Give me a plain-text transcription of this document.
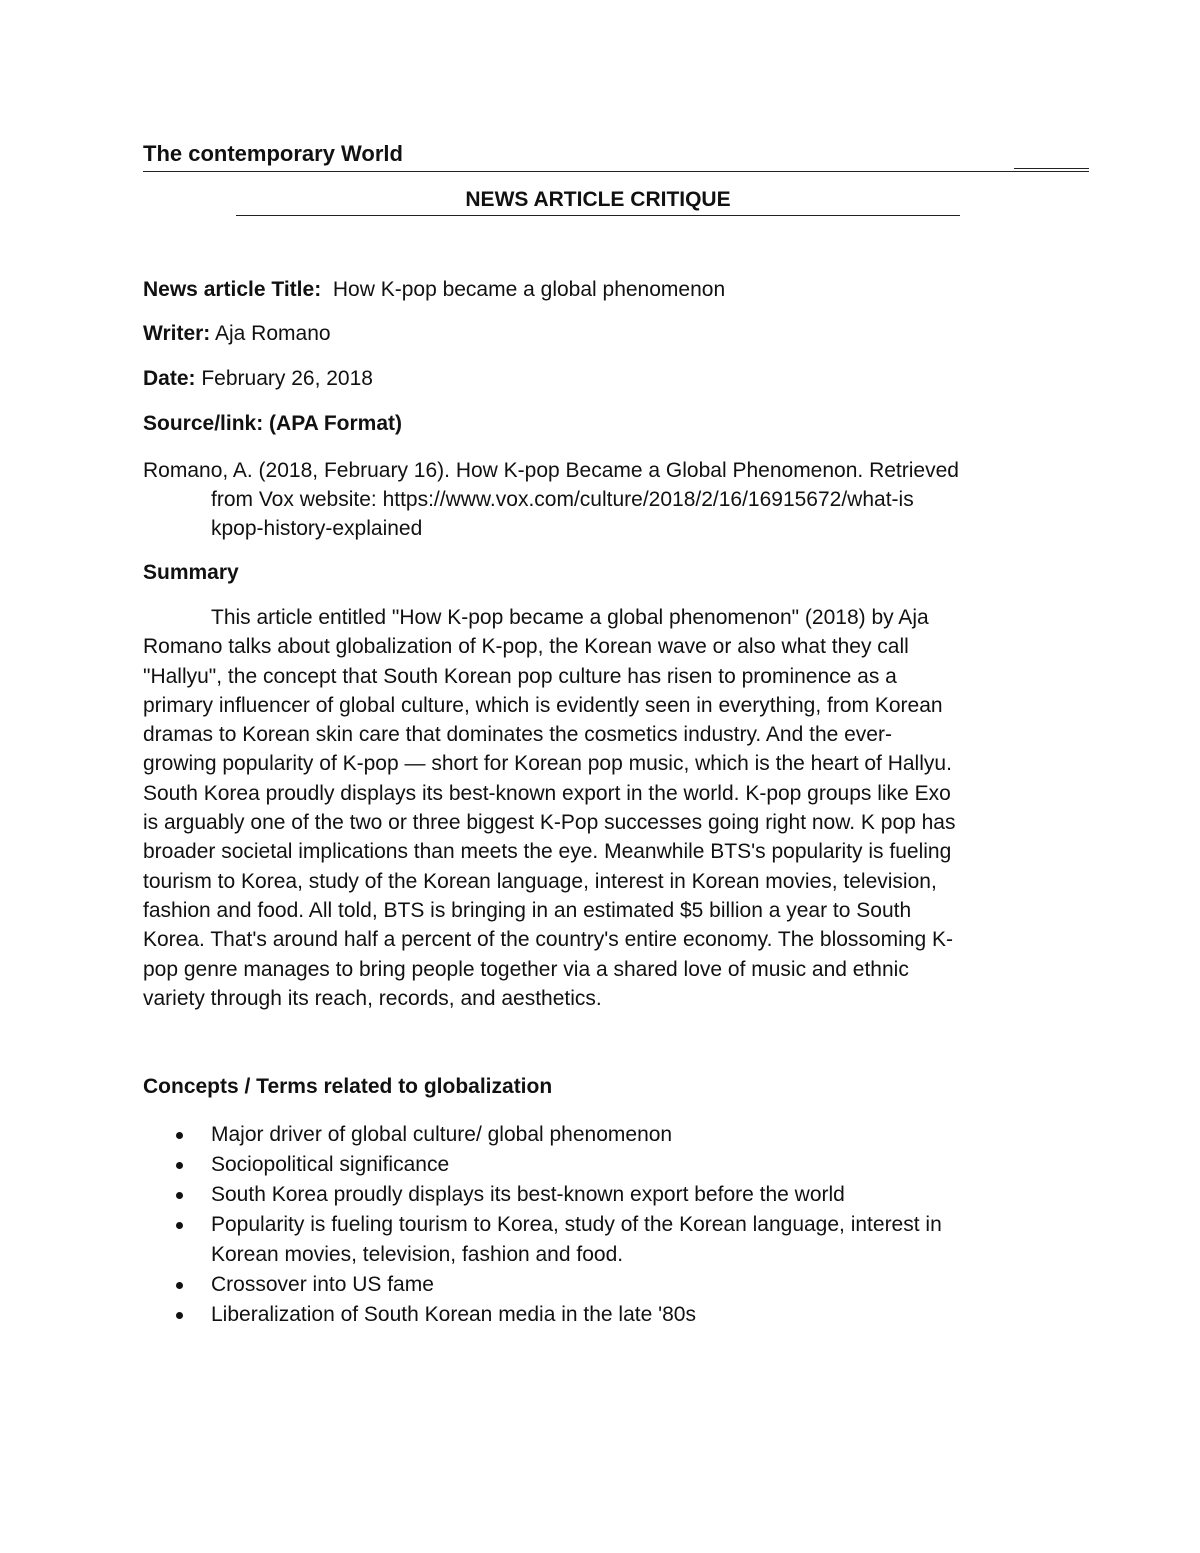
The contemporary World
NEWS ARTICLE CRITIQUE
News article Title: How K-pop became a global phenomenon
Writer: Aja Romano
Date: February 26, 2018
Source/link: (APA Format)
Romano, A. (2018, February 16). How K-pop Became a Global Phenomenon. Retrieved
from Vox website: https://www.vox.com/culture/2018/2/16/16915672/what-is
kpop-history-explained
Summary
This article entitled "How K-pop became a global phenomenon" (2018) by Aja
Romano talks about globalization of K-pop, the Korean wave or also what they call
"Hallyu", the concept that South Korean pop culture has risen to prominence as a
primary influencer of global culture, which is evidently seen in everything, from Korean
dramas to Korean skin care that dominates the cosmetics industry. And the ever-
growing popularity of K-pop — short for Korean pop music, which is the heart of Hallyu.
South Korea proudly displays its best-known export in the world. K-pop groups like Exo
is arguably one of the two or three biggest K-Pop successes going right now. K pop has
broader societal implications than meets the eye. Meanwhile BTS's popularity is fueling
tourism to Korea, study of the Korean language, interest in Korean movies, television,
fashion and food. All told, BTS is bringing in an estimated $5 billion a year to South
Korea. That's around half a percent of the country's entire economy. The blossoming K-
pop genre manages to bring people together via a shared love of music and ethnic
variety through its reach, records, and aesthetics.
Concepts / Terms related to globalization
Major driver of global culture/ global phenomenon
Sociopolitical significance
South Korea proudly displays its best-known export before the world
Popularity is fueling tourism to Korea, study of the Korean language, interest in
Korean movies, television, fashion and food.
Crossover into US fame
Liberalization of South Korean media in the late '80s
